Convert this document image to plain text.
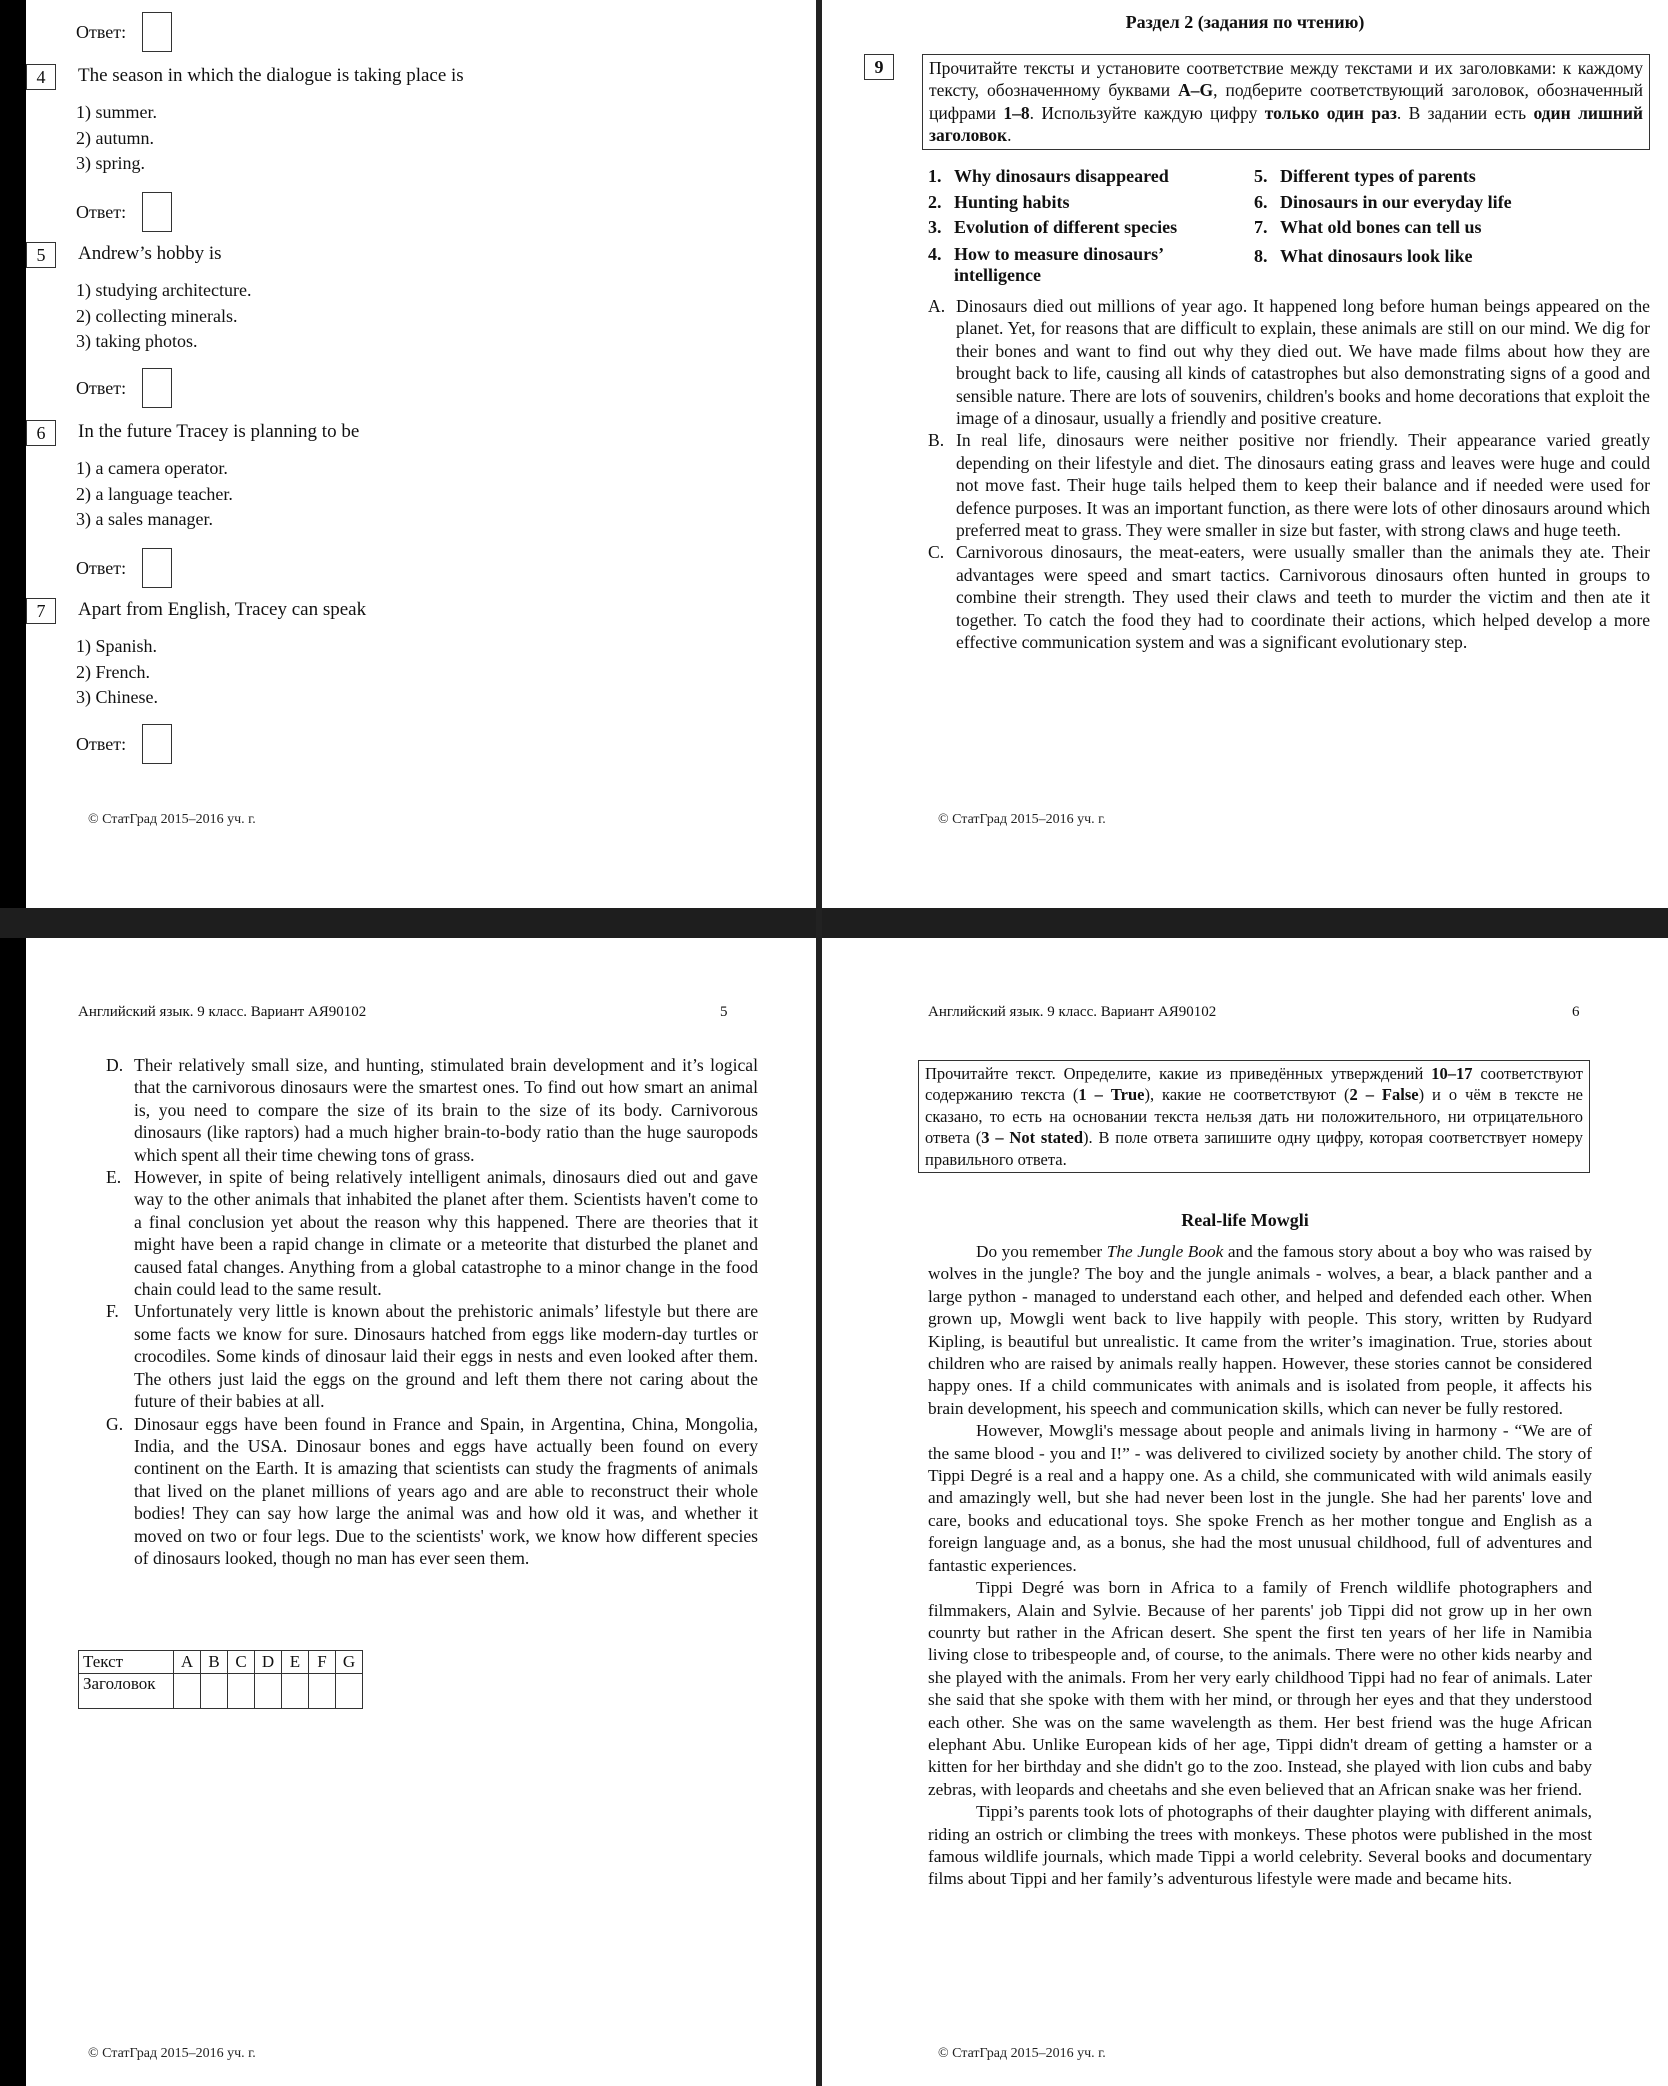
Ответ:
4	The season in which the dialogue is taking place is
1) summer.
2) autumn.
3) spring.
Ответ:
5	Andrew’s hobby is
1) studying architecture.
2) collecting minerals.
3) taking photos.
Ответ:
6	In the future Tracey is planning to be
1) a camera operator.
2) a language teacher.
3) a sales manager.
Ответ:
7	Apart from English, Tracey can speak
1) Spanish.
2) French.
3) Chinese.
Ответ:
© СтатГрад 2015–2016 уч. г.
Раздел 2 (задания по чтению)
9	Прочитайте тексты и установите соответствие между текстами и их заголовками: к каждому тексту, обозначенному буквами A–G, подберите соответствующий заголовок, обозначенный цифрами 1–8. Используйте каждую цифру только один раз. В задании есть один лишний заголовок.
1. Why dinosaurs disappeared
2. Hunting habits
3. Evolution of different species
4. How to measure dinosaurs’ intelligence
5. Different types of parents
6. Dinosaurs in our everyday life
7. What old bones can tell us
8. What dinosaurs look like
A. Dinosaurs died out millions of year ago. It happened long before human beings appeared on the planet. Yet, for reasons that are difficult to explain, these animals are still on our mind. We dig for their bones and want to find out why they died out. We have made films about how they are brought back to life, causing all kinds of catastrophes but also demonstrating signs of a good and sensible nature. There are lots of souvenirs, children's books and home decorations that exploit the image of a dinosaur, usually a friendly and positive creature.
B. In real life, dinosaurs were neither positive nor friendly. Their appearance varied greatly depending on their lifestyle and diet. The dinosaurs eating grass and leaves were huge and could not move fast. Their huge tails helped them to keep their balance and if needed were used for defence purposes. It was an important function, as there were lots of other dinosaurs around which preferred meat to grass. They were smaller in size but faster, with strong claws and huge teeth.
C. Carnivorous dinosaurs, the meat-eaters, were usually smaller than the animals they ate. Their advantages were speed and smart tactics. Carnivorous dinosaurs often hunted in groups to combine their strength. They used their claws and teeth to murder the victim and then ate it together. To catch the food they had to coordinate their actions, which helped develop a more effective communication system and was a significant evolutionary step.
© СтатГрад 2015–2016 уч. г.
Английский язык. 9 класс. Вариант АЯ90102	5
D. Their relatively small size, and hunting, stimulated brain development and it’s logical that the carnivorous dinosaurs were the smartest ones. To find out how smart an animal is, you need to compare the size of its brain to the size of its body. Carnivorous dinosaurs (like raptors) had a much higher brain-to-body ratio than the huge sauropods which spent all their time chewing tons of grass.
E. However, in spite of being relatively intelligent animals, dinosaurs died out and gave way to the other animals that inhabited the planet after them. Scientists haven't come to a final conclusion yet about the reason why this happened. There are theories that it might have been a rapid change in climate or a meteorite that disturbed the planet and caused fatal changes. Anything from a global catastrophe to a minor change in the food chain could lead to the same result.
F. Unfortunately very little is known about the prehistoric animals’ lifestyle but there are some facts we know for sure. Dinosaurs hatched from eggs like modern-day turtles or crocodiles. Some kinds of dinosaur laid their eggs in nests and even looked after them. The others just laid the eggs on the ground and left them there not caring about the future of their babies at all.
G. Dinosaur eggs have been found in France and Spain, in Argentina, China, Mongolia, India, and the USA. Dinosaur bones and eggs have actually been found on every continent on the Earth. It is amazing that scientists can study the fragments of animals that lived on the planet millions of years ago and are able to reconstruct their whole bodies! They can say how large the animal was and how old it was, and whether it moved on two or four legs. Due to the scientists' work, we know how different species of dinosaurs looked, though no man has ever seen them.
Текст	A	B	C	D	E	F	G
Заголовок							
© СтатГрад 2015–2016 уч. г.
Английский язык. 9 класс. Вариант АЯ90102	6
Прочитайте текст. Определите, какие из приведённых утверждений 10–17 соответствуют содержанию текста (1 – True), какие не соответствуют (2 – False) и о чём в тексте не сказано, то есть на основании текста нельзя дать ни положительного, ни отрицательного ответа (3 – Not stated). В поле ответа запишите одну цифру, которая соответствует номеру правильного ответа.
Real-life Mowgli

Do you remember The Jungle Book and the famous story about a boy who was raised by wolves in the jungle? The boy and the jungle animals - wolves, a bear, a black panther and a large python - managed to understand each other, and helped and defended each other. When grown up, Mowgli went back to live happily with people. This story, written by Rudyard Kipling, is beautiful but unrealistic. It came from the writer’s imagination. True, stories about children who are raised by animals really happen. However, these stories cannot be considered happy ones. If a child communicates with animals and is isolated from people, it affects his brain development, his speech and communication skills, which can never be fully restored.

However, Mowgli's message about people and animals living in harmony - “We are of the same blood - you and I!” - was delivered to civilized society by another child. The story of Tippi Degré is a real and a happy one. As a child, she communicated with wild animals easily and amazingly well, but she had never been lost in the jungle. She had her parents' love and care, books and educational toys. She spoke French as her mother tongue and English as a foreign language and, as a bonus, she had the most unusual childhood, full of adventures and fantastic experiences.

Tippi Degré was born in Africa to a family of French wildlife photographers and filmmakers, Alain and Sylvie. Because of her parents' job Tippi did not grow up in her own counrty but rather in the African desert. She spent the first ten years of her life in Namibia living close to tribespeople and, of course, to the animals. There were no other kids nearby and she played with the animals. From her very early childhood Tippi had no fear of animals. Later she said that she spoke with them with her mind, or through her eyes and that they understood each other. She was on the same wavelength as them. Her best friend was the huge African elephant Abu. Unlike European kids of her age, Tippi didn't dream of getting a hamster or a kitten for her birthday and she didn't go to the zoo. Instead, she played with lion cubs and baby zebras, with leopards and cheetahs and she even believed that an African snake was her friend.

Tippi’s parents took lots of photographs of their daughter playing with different animals, riding an ostrich or climbing the trees with monkeys. These photos were published in the most famous wildlife journals, which made Tippi a world celebrity. Several books and documentary films about Tippi and her family’s adventurous lifestyle were made and became hits.

© СтатГрад 2015–2016 уч. г.
